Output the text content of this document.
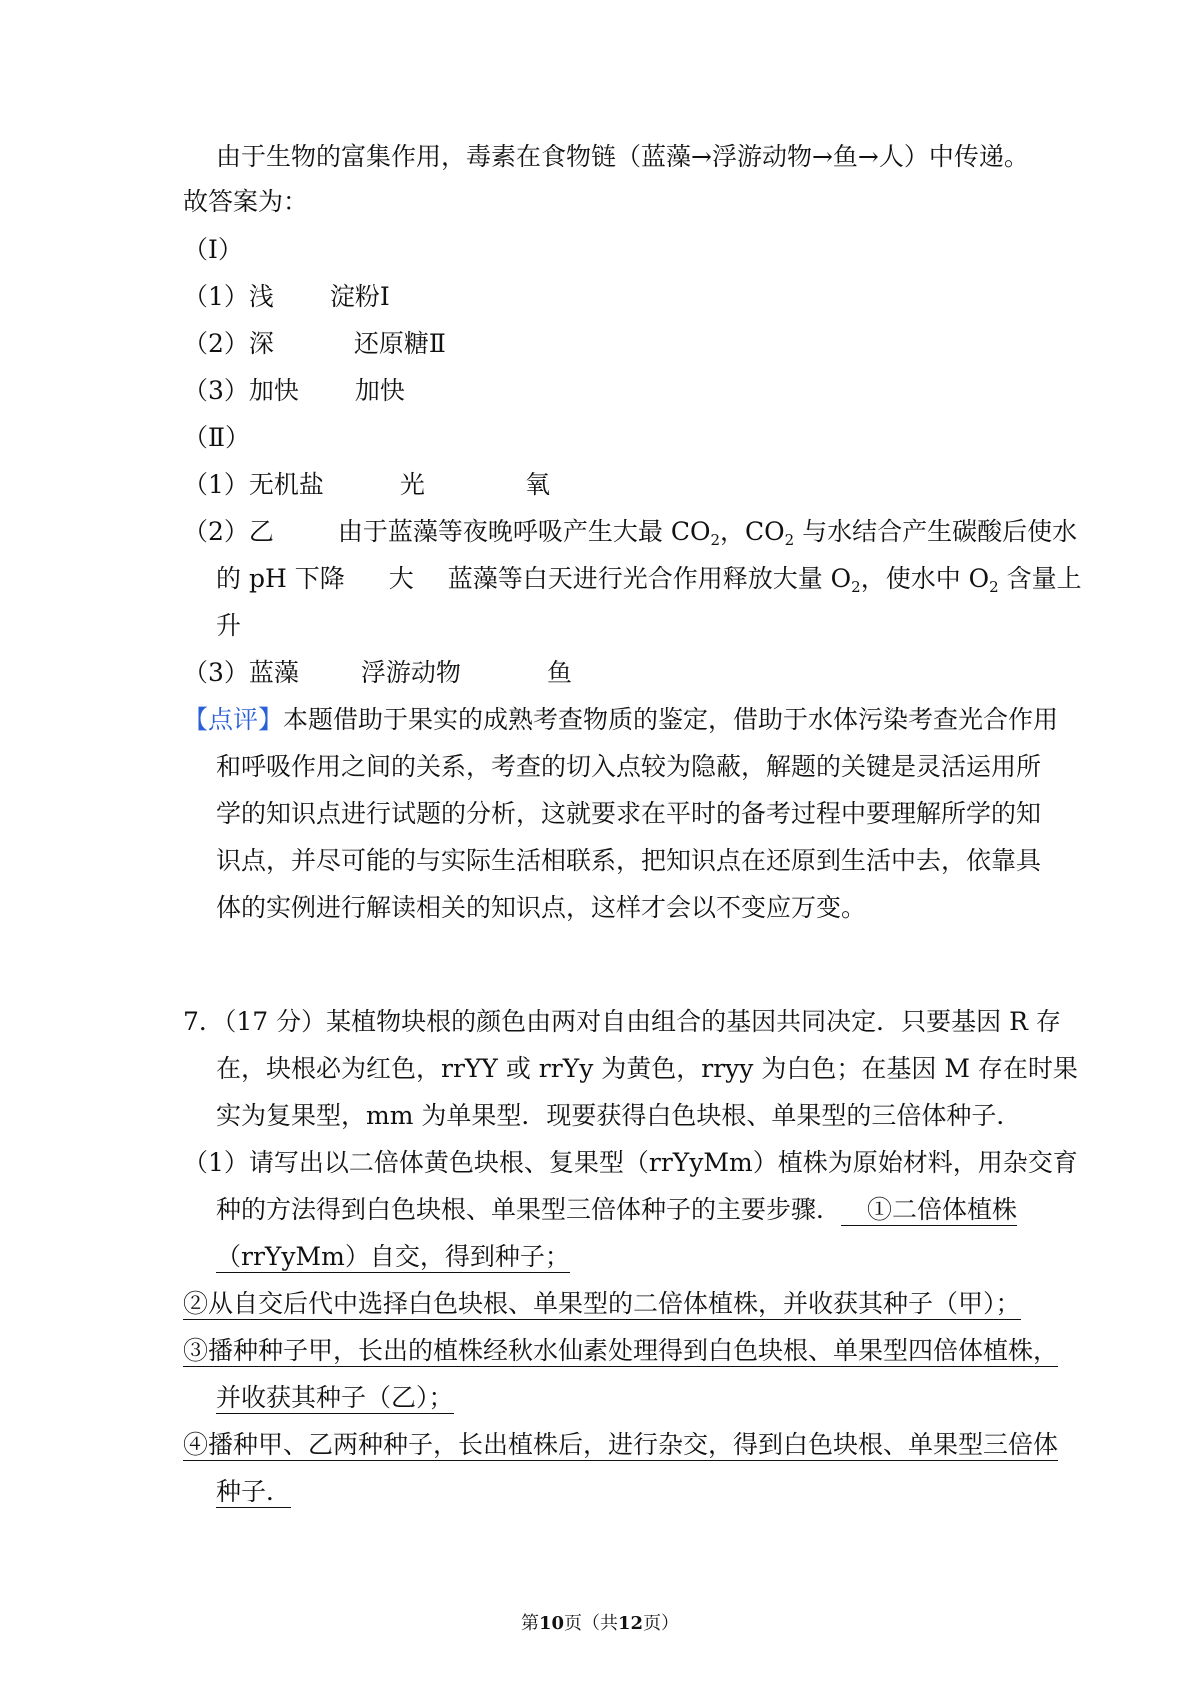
由于生物的富集作用，毒素在食物链（蓝藻→浮游动物→鱼→人）中传递。
故答案为：
（Ⅰ）
（1）浅 淀粉Ⅰ
（2）深	还原糖Ⅱ
（3）加快 加快
（Ⅱ）
（1）无机盐	光	氧
（2）乙	由于蓝藻等夜晚呼吸产生大最 $CO_2$，$CO_2$ 与水结合产生碳酸后使水
的 pH 下降 大 蓝藻等白天进行光合作用释放大量 $O_2$，使水中 $O_2$ 含量上
升
（3）蓝藻 浮游动物	鱼
【点评】本题借助于果实的成熟考查物质的鉴定，借助于水体污染考查光合作用
和呼吸作用之间的关系，考查的切入点较为隐蔽，解题的关键是灵活运用所
学的知识点进行试题的分析，这就要求在平时的备考过程中要理解所学的知
识点，并尽可能的与实际生活相联系，把知识点在还原到生活中去，依靠具
体的实例进行解读相关的知识点，这样才会以不变应万变。
7．（17 分）某植物块根的颜色由两对自由组合的基因共同决定．只要基因 R 存
在，块根必为红色，rrYY 或 rrYy 为黄色，rryy 为白色；在基因 M 存在时果
实为复果型，mm 为单果型．现要获得白色块根、单果型的三倍体种子．
（1）请写出以二倍体黄色块根、复果型（rrYyMm）植株为原始材料，用杂交育
种的方法得到白色块根、单果型三倍体种子的主要步骤． ①二倍体植株
（rrYyMm）自交，得到种子；
②从自交后代中选择白色块根、单果型的二倍体植株，并收获其种子（甲）；
③播种种子甲，长出的植株经秋水仙素处理得到白色块根、单果型四倍体植株，
并收获其种子（乙）；
④播种甲、乙两种种子，长出植株后，进行杂交，得到白色块根、单果型三倍体
种子．
第10页（共12页）
